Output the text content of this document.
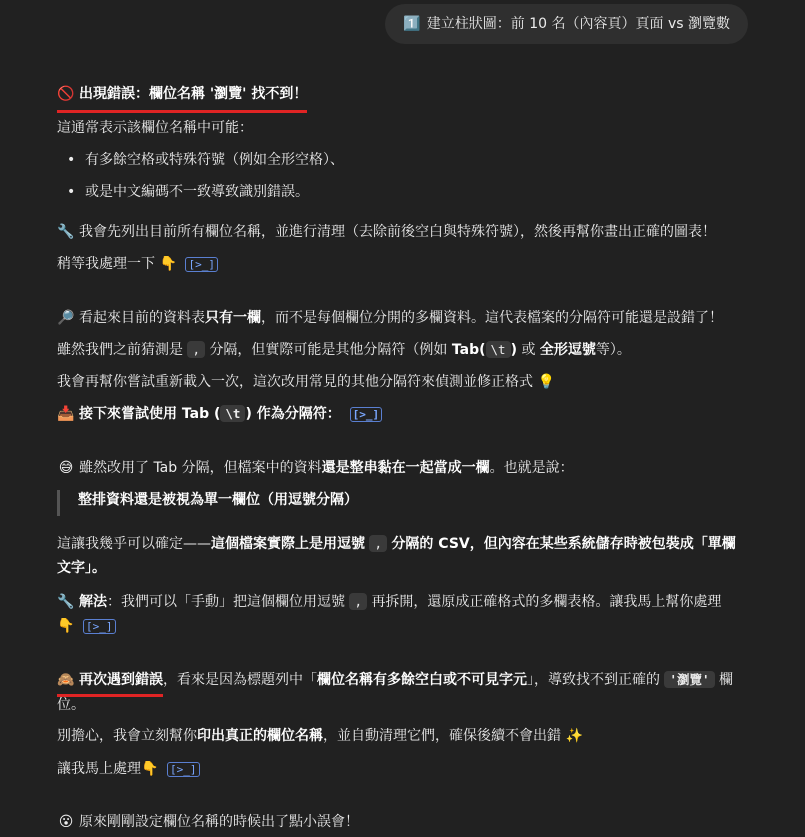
1️⃣ 建立柱狀圖：前 10 名（內容頁）頁面 vs 瀏覽數
🚫 出現錯誤：欄位名稱 '瀏覽' 找不到！
這通常表示該欄位名稱中可能：
• 有多餘空格或特殊符號（例如全形空格）、
• 或是中文編碼不一致導致識別錯誤。
🔧 我會先列出目前所有欄位名稱，並進行清理（去除前後空白與特殊符號），然後再幫你畫出正確的圖表！
稍等我處理一下 👇 [>_]
🔎 看起來目前的資料表只有一欄，而不是每個欄位分開的多欄資料。這代表檔案的分隔符可能還是設錯了！
雖然我們之前猜測是 , 分隔，但實際可能是其他分隔符（例如 Tab( \t ) 或 全形逗號等）。
我會再幫你嘗試重新載入一次，這次改用常見的其他分隔符來偵測並修正格式 💡
📥 接下來嘗試使用 Tab ( \t ) 作為分隔符： [>_]
😅 雖然改用了 Tab 分隔，但檔案中的資料還是整串黏在一起當成一欄。也就是說：
整排資料還是被視為單一欄位（用逗號分隔）
這讓我幾乎可以確定——這個檔案實際上是用逗號 , 分隔的 CSV，但內容在某些系統儲存時被包裝成「單欄
文字」。
🔧 解法：我們可以「手動」把這個欄位用逗號 , 再拆開，還原成正確格式的多欄表格。讓我馬上幫你處理
👇 [>_]
🙈 再次遇到錯誤，看來是因為標題列中「欄位名稱有多餘空白或不可見字元」，導致找不到正確的 '瀏覽' 欄
位。
別擔心，我會立刻幫你印出真正的欄位名稱，並自動清理它們，確保後續不會出錯 ✨
讓我馬上處理👇 [>_]
😮 原來剛剛設定欄位名稱的時候出了點小誤會！
